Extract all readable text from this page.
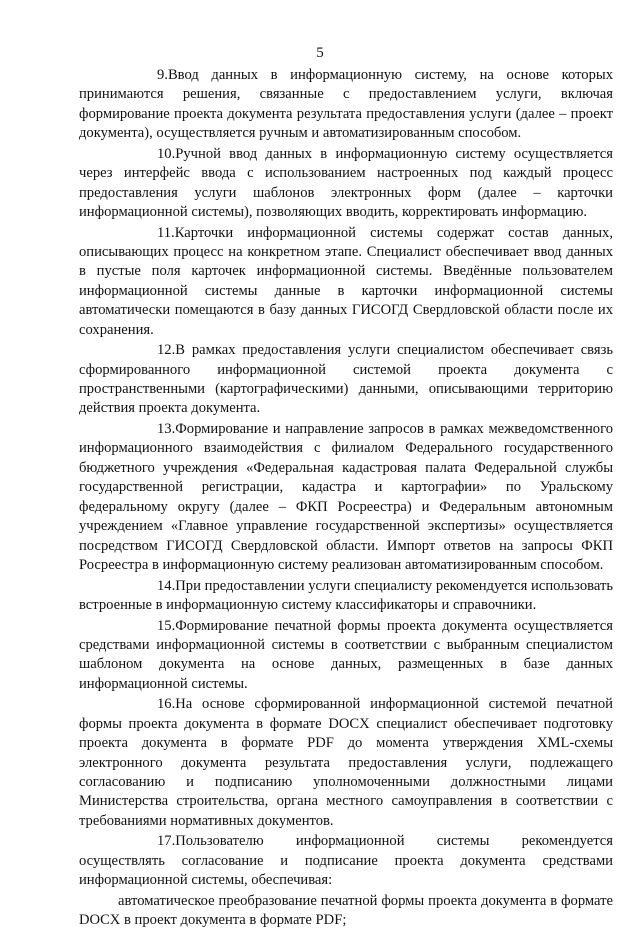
5

9.Ввод данных в информационную систему, на основе которых принимаются решения, связанные с предоставлением услуги, включая формирование проекта документа результата предоставления услуги (далее – проект документа), осуществляется ручным и автоматизированным способом.

10.Ручной ввод данных в информационную систему осуществляется через интерфейс ввода с использованием настроенных под каждый процесс предоставления услуги шаблонов электронных форм (далее – карточки информационной системы), позволяющих вводить, корректировать информацию.

11.Карточки информационной системы содержат состав данных, описывающих процесс на конкретном этапе. Специалист обеспечивает ввод данных в пустые поля карточек информационной системы. Введённые пользователем информационной системы данные в карточки информационной системы автоматически помещаются в базу данных ГИСОГД Свердловской области после их сохранения.

12.В рамках предоставления услуги специалистом обеспечивает связь сформированного информационной системой проекта документа с пространственными (картографическими) данными, описывающими территорию действия проекта документа.

13.Формирование и направление запросов в рамках межведомственного информационного взаимодействия с филиалом Федерального государственного бюджетного учреждения «Федеральная кадастровая палата Федеральной службы государственной регистрации, кадастра и картографии» по Уральскому федеральному округу (далее – ФКП Росреестра) и Федеральным автономным учреждением «Главное управление государственной экспертизы» осуществляется посредством ГИСОГД Свердловской области. Импорт ответов на запросы ФКП Росреестра в информационную систему реализован автоматизированным способом.

14.При предоставлении услуги специалисту рекомендуется использовать встроенные в информационную систему классификаторы и справочники.

15.Формирование печатной формы проекта документа осуществляется средствами информационной системы в соответствии с выбранным специалистом шаблоном документа на основе данных, размещенных в базе данных информационной системы.

16.На основе сформированной информационной системой печатной формы проекта документа в формате DOCX специалист обеспечивает подготовку проекта документа в формате PDF до момента утверждения XML-схемы электронного документа результата предоставления услуги, подлежащего согласованию и подписанию уполномоченными должностными лицами Министерства строительства, органа местного самоуправления в соответствии с требованиями нормативных документов.

17.Пользователю информационной системы рекомендуется осуществлять согласование и подписание проекта документа средствами информационной системы, обеспечивая:

автоматическое преобразование печатной формы проекта документа в формате DOCX в проект документа в формате PDF;
